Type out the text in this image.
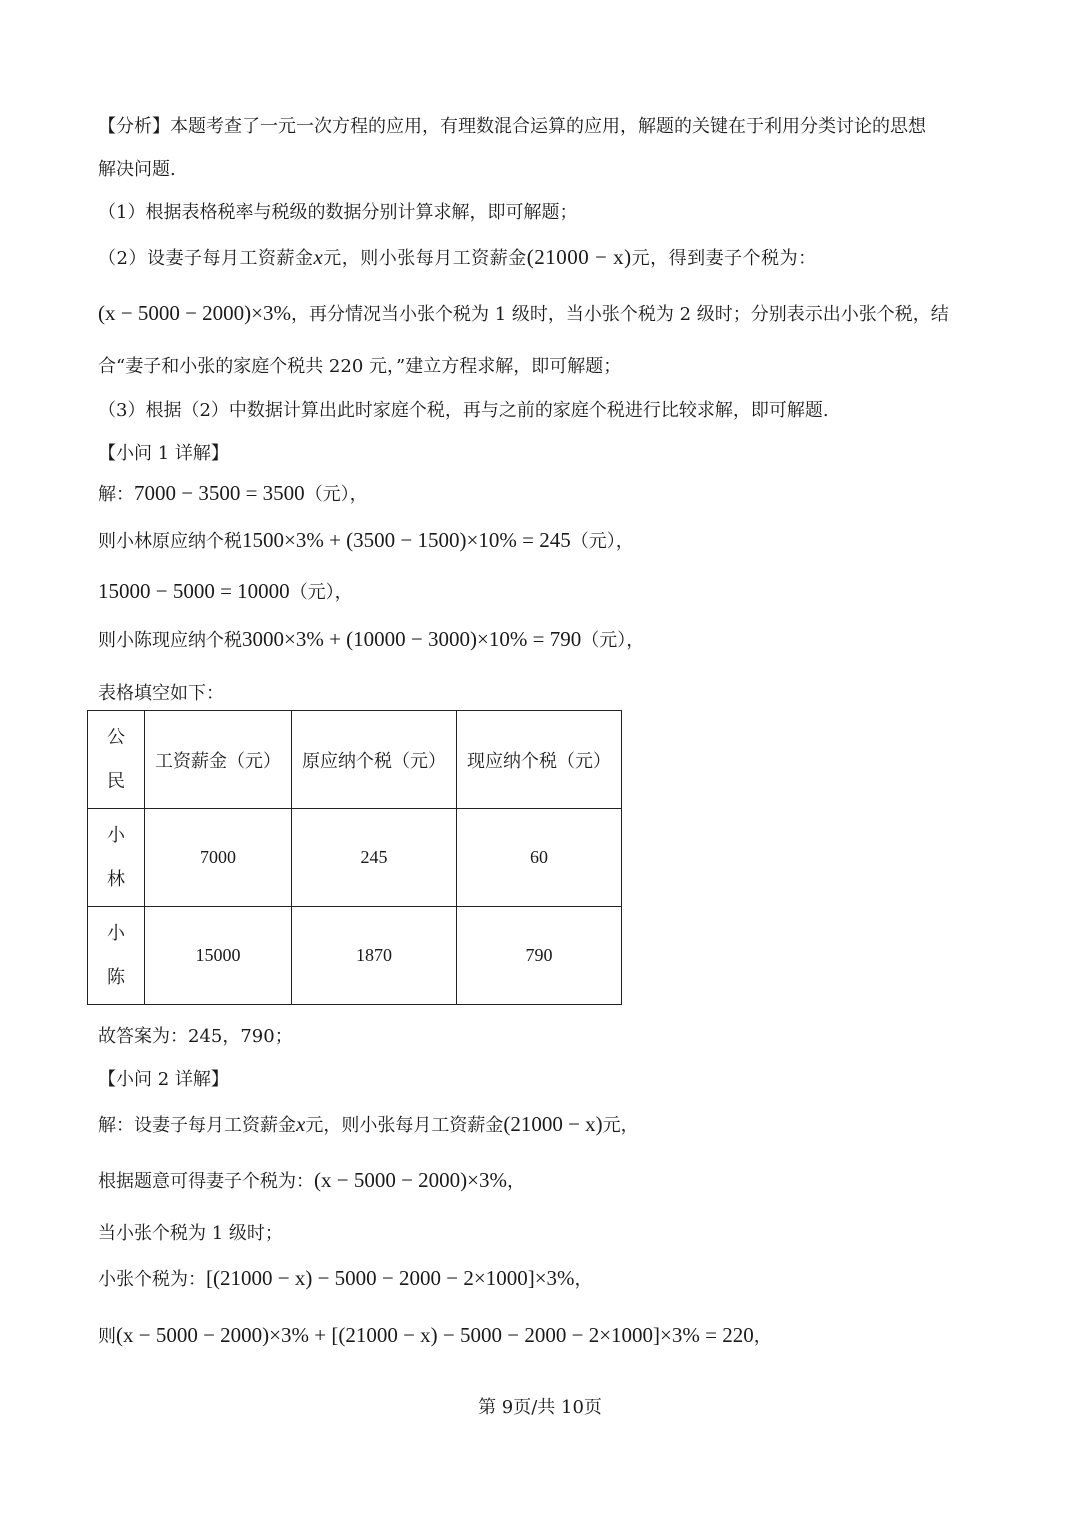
【分析】本题考查了一元一次方程的应用，有理数混合运算的应用，解题的关键在于利用分类讨论的思想
解决问题.
（1）根据表格税率与税级的数据分别计算求解，即可解题；
（2）设妻子每月工资薪金x元，则小张每月工资薪金(21000 − x)元，得到妻子个税为：
(x − 5000 − 2000)×3%，再分情况当小张个税为 1 级时，当小张个税为 2 级时；分别表示出小张个税，结
合“妻子和小张的家庭个税共 220 元，”建立方程求解，即可解题；
（3）根据（2）中数据计算出此时家庭个税，再与之前的家庭个税进行比较求解，即可解题.
【小问 1 详解】
解：7000 − 3500 = 3500（元），
则小林原应纳个税1500×3% + (3500 − 1500)×10% = 245（元），
15000 − 5000 = 10000（元），
则小陈现应纳个税3000×3% + (10000 − 3000)×10% = 790（元），
表格填空如下：
公民	工资薪金（元）	原应纳个税（元）	现应纳个税（元）
小林	7000	245	60
小陈	15000	1870	790
故答案为：245，790；
【小问 2 详解】
解：设妻子每月工资薪金x元，则小张每月工资薪金(21000 − x)元，
根据题意可得妻子个税为：(x − 5000 − 2000)×3%，
当小张个税为 1 级时；
小张个税为：[(21000 − x) − 5000 − 2000 − 2×1000]×3%，
则(x − 5000 − 2000)×3% + [(21000 − x) − 5000 − 2000 − 2×1000]×3% = 220，
第 9页/共 10页
